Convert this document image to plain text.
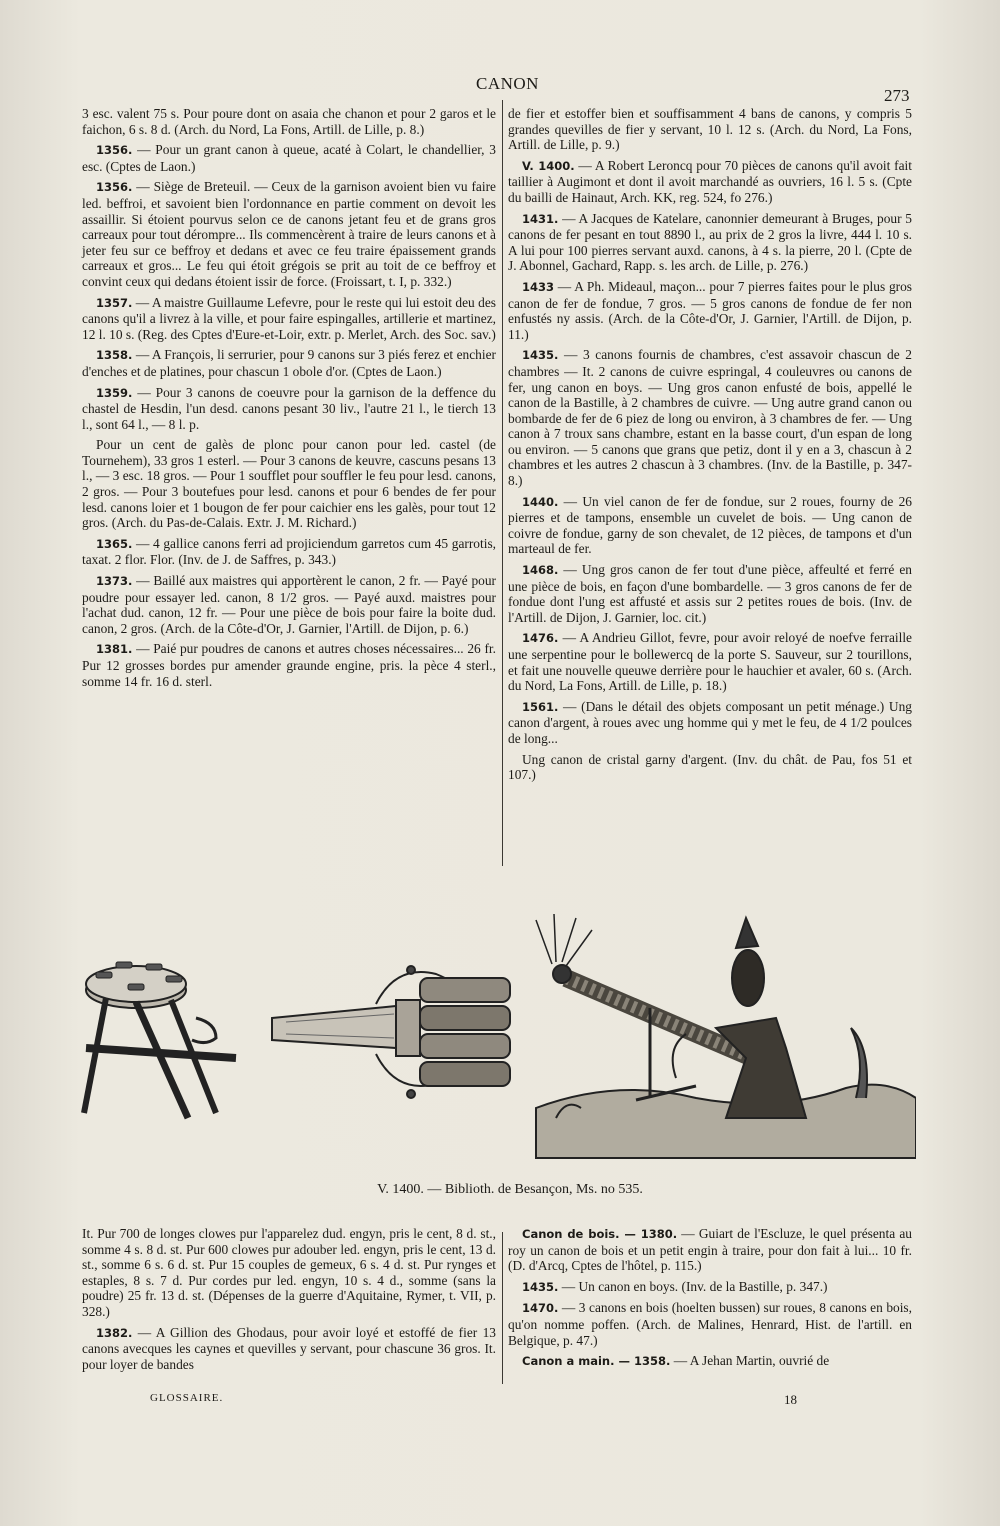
CANON
273

3 esc. valent 75 s. Pour poure dont on asaia che chanon et pour 2 garos et le faichon, 6 s. 8 d. (Arch. du Nord, La Fons, Artill. de Lille, p. 8.)

1356. — Pour un grant canon à queue, acaté à Colart, le chandellier, 3 esc. (Cptes de Laon.)

1356. — Siège de Breteuil. — Ceux de la garnison avoient bien vu faire led. beffroi, et savoient bien l'ordonnance en partie comment on devoit les assaillir. Si étoient pourvus selon ce de canons jetant feu et de grans gros carreaux pour tout dérompre... Ils commencèrent à traire de leurs canons et à jeter feu sur ce beffroy et dedans et avec ce feu traire épaissement grands carreaux et gros... Le feu qui étoit grégois se prit au toit de ce beffroy et convint ceux qui dedans étoient issir de force. (Froissart, t. I, p. 332.)

1357. — A maistre Guillaume Lefevre, pour le reste qui lui estoit deu des canons qu'il a livrez à la ville, et pour faire espingalles, artillerie et martinez, 12 l. 10 s. (Reg. des Cptes d'Eure-et-Loir, extr. p. Merlet, Arch. des Soc. sav.)

1358. — A François, li serrurier, pour 9 canons sur 3 piés ferez et enchier d'enches et de platines, pour chascun 1 obole d'or. (Cptes de Laon.)

1359. — Pour 3 canons de coeuvre pour la garnison de la deffence du chastel de Hesdin, l'un desd. canons pesant 30 liv., l'autre 21 l., le tierch 13 l., sont 64 l., — 8 l. p.

Pour un cent de galès de plonc pour canon pour led. castel (de Tournehem), 33 gros 1 esterl. — Pour 3 canons de keuvre, cascuns pesans 13 l., — 3 esc. 18 gros. — Pour 1 soufflet pour souffler le feu pour lesd. canons, 2 gros. — Pour 3 boutefues pour lesd. canons et pour 6 bendes de fer pour lesd. canons loier et 1 bougon de fer pour caichier ens les galès, pour tout 12 gros. (Arch. du Pas-de-Calais. Extr. J. M. Richard.)

1365. — 4 gallice canons ferri ad projiciendum garretos cum 45 garrotis, taxat. 2 flor. Flor. (Inv. de J. de Saffres, p. 343.)

1373. — Baillé aux maistres qui apportèrent le canon, 2 fr. — Payé pour poudre pour essayer led. canon, 8 1/2 gros. — Payé auxd. maistres pour l'achat dud. canon, 12 fr. — Pour une pièce de bois pour faire la boite dud. canon, 2 gros. (Arch. de la Côte-d'Or, J. Garnier, l'Artill. de Dijon, p. 6.)

1381. — Paié pur poudres de canons et autres choses nécessaires... 26 fr. Pur 12 grosses bordes pur amender graunde engine, pris. la pèce 4 sterl., somme 14 fr. 16 d. sterl.

de fier et estoffer bien et souffisamment 4 bans de canons, y compris 5 grandes quevilles de fier y servant, 10 l. 12 s. (Arch. du Nord, La Fons, Artill. de Lille, p. 9.)

V. 1400. — A Robert Leroncq pour 70 pièces de canons qu'il avoit fait taillier à Augimont et dont il avoit marchandé as ouvriers, 16 l. 5 s. (Cpte du bailli de Hainaut, Arch. KK, reg. 524, fo 276.)

1431. — A Jacques de Katelare, canonnier demeurant à Bruges, pour 5 canons de fer pesant en tout 8890 l., au prix de 2 gros la livre, 444 l. 10 s. A lui pour 100 pierres servant auxd. canons, à 4 s. la pierre, 20 l. (Cpte de J. Abonnel, Gachard, Rapp. s. les arch. de Lille, p. 276.)

1433 — A Ph. Mideaul, maçon... pour 7 pierres faites pour le plus gros canon de fer de fondue, 7 gros. — 5 gros canons de fondue de fer non enfustés ny assis. (Arch. de la Côte-d'Or, J. Garnier, l'Artill. de Dijon, p. 11.)

1435. — 3 canons fournis de chambres, c'est assavoir chascun de 2 chambres — It. 2 canons de cuivre espringal, 4 couleuvres ou canons de fer, ung canon en boys. — Ung gros canon enfusté de bois, appellé le canon de la Bastille, à 2 chambres de cuivre. — Ung autre grand canon ou bombarde de fer de 6 piez de long ou environ, à 3 chambres de fer. — Ung canon à 7 troux sans chambre, estant en la basse court, d'un espan de long ou environ. — 5 canons que grans que petiz, dont il y en a 3, chascun à 2 chambres et les autres 2 chascun à 3 chambres. (Inv. de la Bastille, p. 347-8.)

1440. — Un viel canon de fer de fondue, sur 2 roues, fourny de 26 pierres et de tampons, ensemble un cuvelet de bois. — Ung canon de coivre de fondue, garny de son chevalet, de 12 pièces, de tampons et d'un marteaul de fer.

1468. — Ung gros canon de fer tout d'une pièce, affeulté et ferré en une pièce de bois, en façon d'une bombardelle. — 3 gros canons de fer de fondue dont l'ung est affusté et assis sur 2 petites roues de bois. (Inv. de l'Artill. de Dijon, J. Garnier, loc. cit.)

1476. — A Andrieu Gillot, fevre, pour avoir reloyé de noefve ferraille une serpentine pour le bollewercq de la porte S. Sauveur, sur 2 tourillons, et fait une nouvelle queuwe derrière pour le hauchier et avaler, 60 s. (Arch. du Nord, La Fons, Artill. de Lille, p. 18.)

1561. — (Dans le détail des objets composant un petit ménage.) Ung canon d'argent, à roues avec ung homme qui y met le feu, de 4 1/2 poulces de long...

Ung canon de cristal garny d'argent. (Inv. du chât. de Pau, fos 51 et 107.)

V. 1400. — Biblioth. de Besançon, Ms. no 535.

It. Pur 700 de longes clowes pur l'apparelez dud. engyn, pris le cent, 8 d. st., somme 4 s. 8 d. st. Pur 600 clowes pur adouber led. engyn, pris le cent, 13 d. st., somme 6 s. 6 d. st. Pur 15 couples de gemeux, 6 s. 4 d. st. Pur rynges et estaples, 8 s. 7 d. Pur cordes pur led. engyn, 10 s. 4 d., somme (sans la poudre) 25 fr. 13 d. st. (Dépenses de la guerre d'Aquitaine, Rymer, t. VII, p. 328.)

1382. — A Gillion des Ghodaus, pour avoir loyé et estoffé de fier 13 canons avecques les caynes et quevilles y servant, pour chascune 36 gros. It. pour loyer de bandes

Canon de bois. — 1380. — Guiart de l'Escluze, le quel présenta au roy un canon de bois et un petit engin à traire, pour don fait à lui... 10 fr. (D. d'Arcq, Cptes de l'hôtel, p. 115.)

1435. — Un canon en boys. (Inv. de la Bastille, p. 347.)

1470. — 3 canons en bois (hoelten bussen) sur roues, 8 canons en bois, qu'on nomme poffen. (Arch. de Malines, Henrard, Hist. de l'artill. en Belgique, p. 47.)

Canon a main. — 1358. — A Jehan Martin, ouvrié de

GLOSSAIRE.	18
